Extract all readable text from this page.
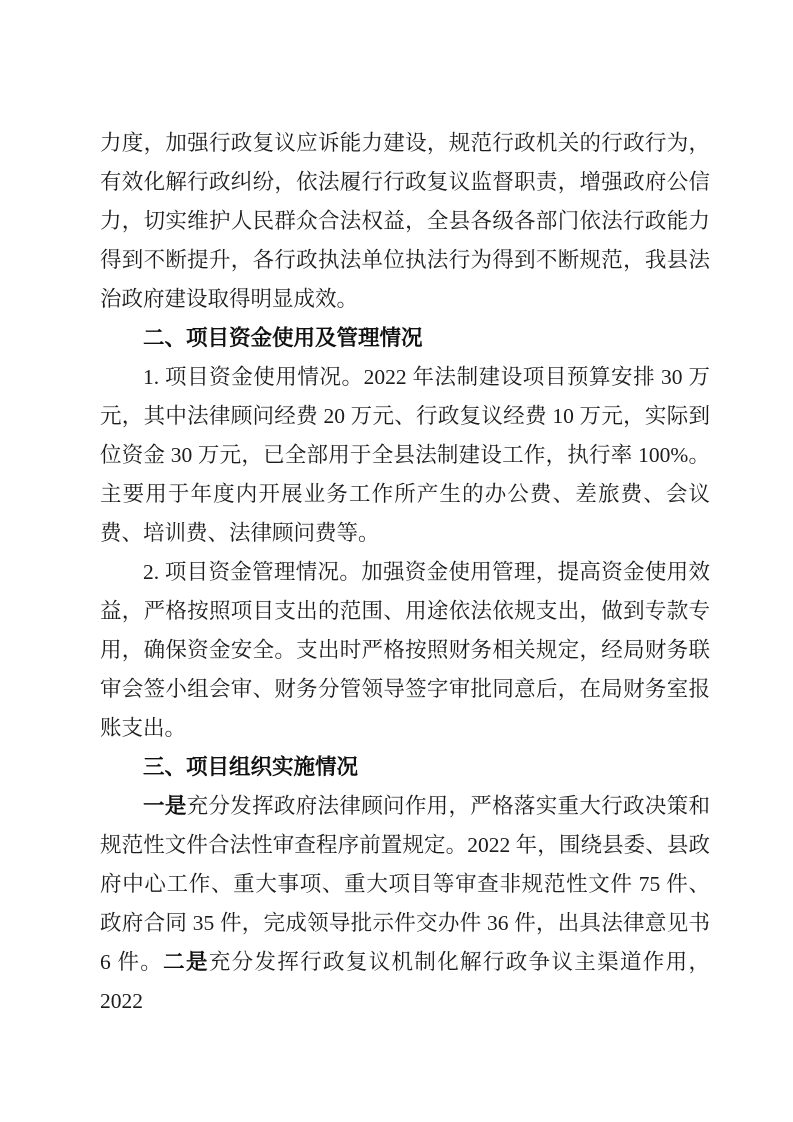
力度，加强行政复议应诉能力建设，规范行政机关的行政行为，有效化解行政纠纷，依法履行行政复议监督职责，增强政府公信力，切实维护人民群众合法权益，全县各级各部门依法行政能力得到不断提升，各行政执法单位执法行为得到不断规范，我县法治政府建设取得明显成效。

二、项目资金使用及管理情况

1. 项目资金使用情况。2022 年法制建设项目预算安排 30 万元，其中法律顾问经费 20 万元、行政复议经费 10 万元，实际到位资金 30 万元，已全部用于全县法制建设工作，执行率 100%。主要用于年度内开展业务工作所产生的办公费、差旅费、会议费、培训费、法律顾问费等。

2. 项目资金管理情况。加强资金使用管理，提高资金使用效益，严格按照项目支出的范围、用途依法依规支出，做到专款专用，确保资金安全。支出时严格按照财务相关规定，经局财务联审会签小组会审、财务分管领导签字审批同意后，在局财务室报账支出。

三、项目组织实施情况

一是充分发挥政府法律顾问作用，严格落实重大行政决策和规范性文件合法性审查程序前置规定。2022 年，围绕县委、县政府中心工作、重大事项、重大项目等审查非规范性文件 75 件、政府合同 35 件，完成领导批示件交办件 36 件，出具法律意见书 6 件。二是充分发挥行政复议机制化解行政争议主渠道作用，2022
